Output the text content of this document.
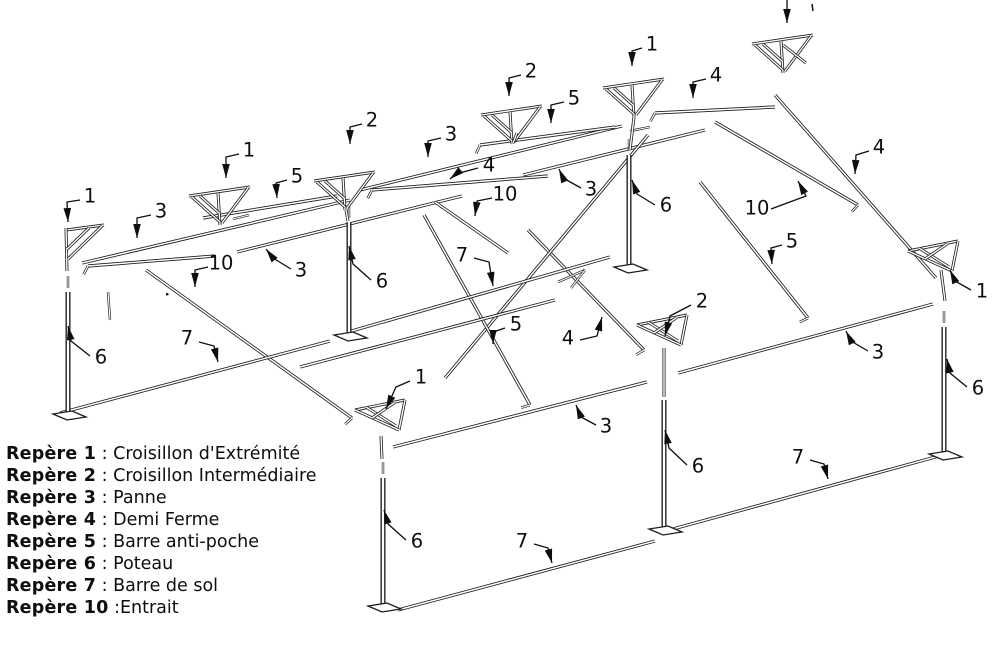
1
3
1
2
2
1
4
5
5
3
4
3
10	6
4
10
5
1
6
7
6
7
10
5
4
1
2
3
3
6	7
6	7
6
3
Repère 1 : Croisillon d'Extrémité
Repère 2 : Croisillon Intermédiaire
Repère 3 : Panne
Repère 4 : Demi Ferme
Repère 5 : Barre anti-poche
Repère 6 : Poteau
Repère 7 : Barre de sol
Repère 10 :Entrait
